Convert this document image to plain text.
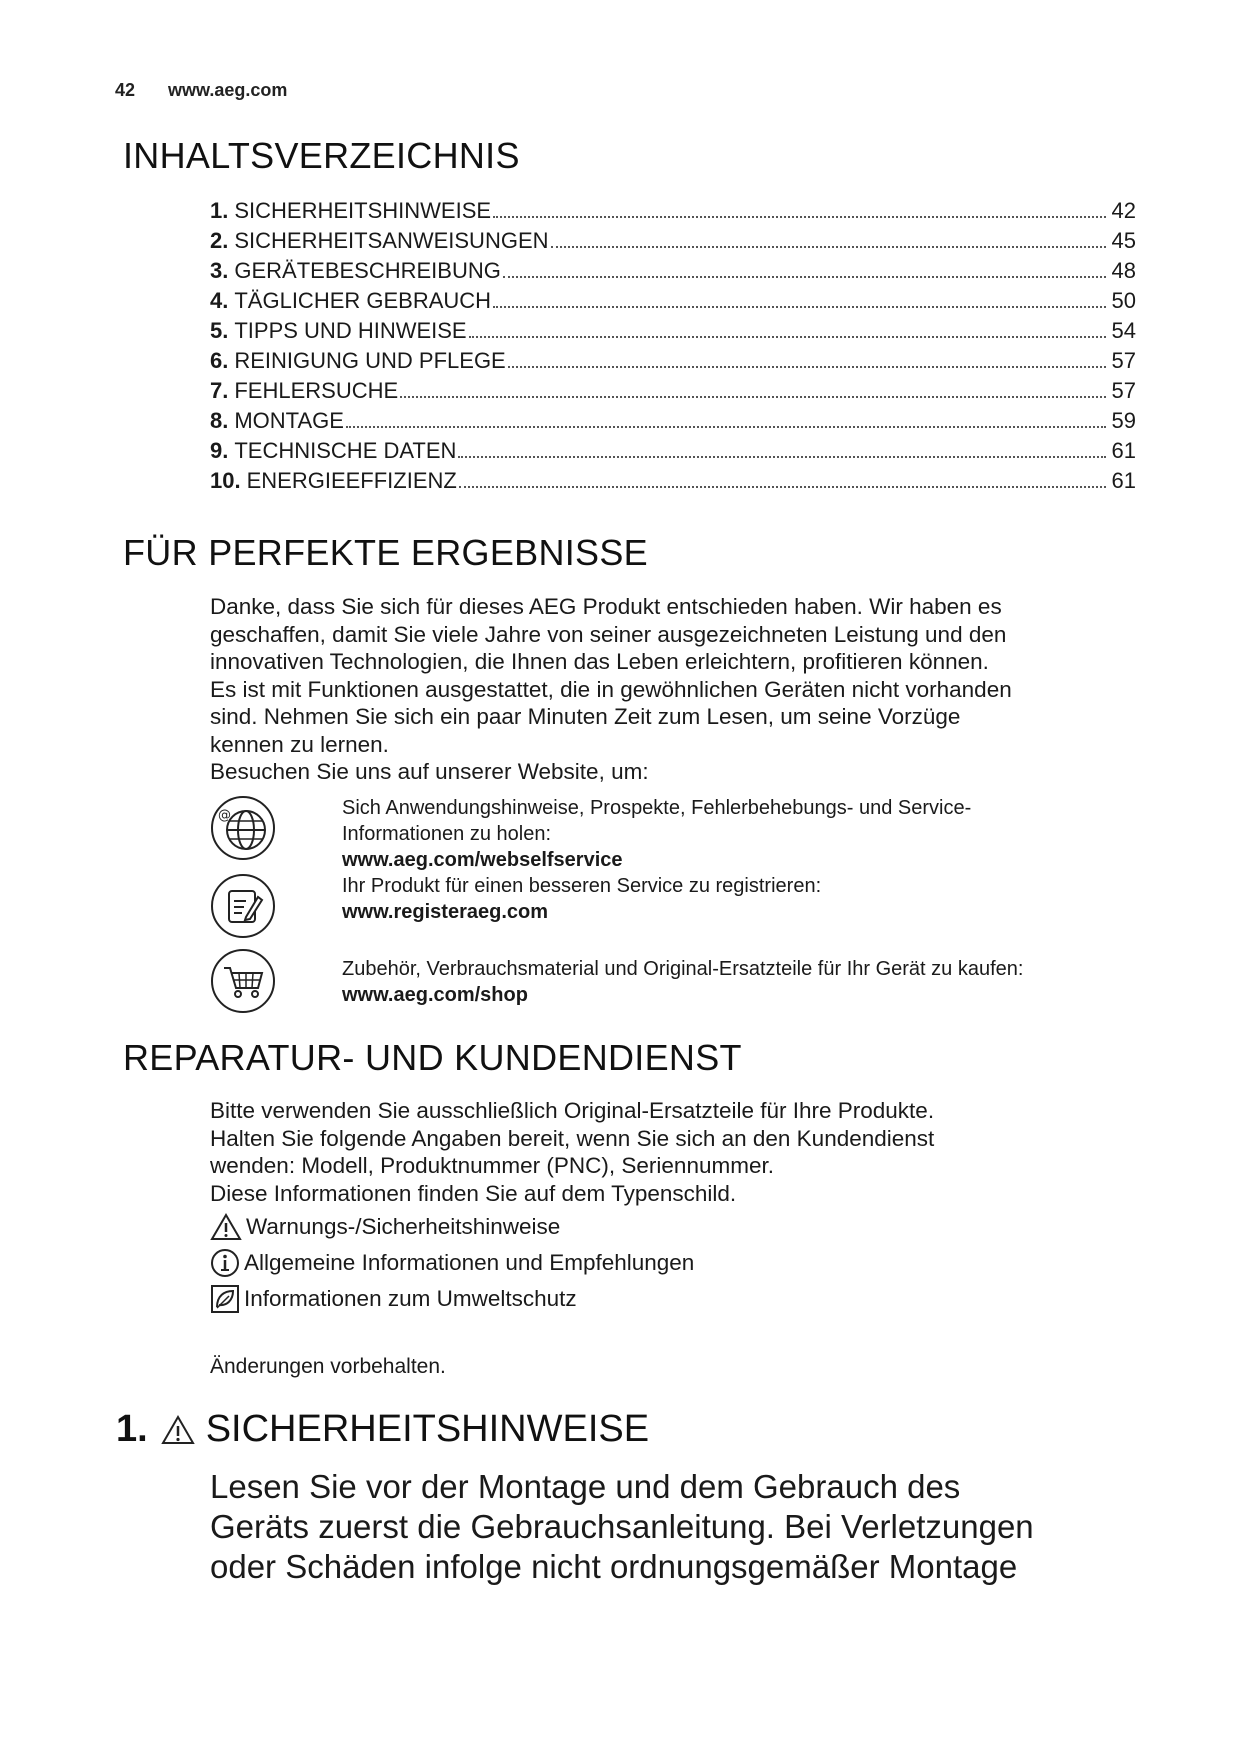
42 www.aeg.com
INHALTSVERZEICHNIS
1. SICHERHEITSHINWEISE	42
2. SICHERHEITSANWEISUNGEN	45
3. GERÄTEBESCHREIBUNG	48
4. TÄGLICHER GEBRAUCH	50
5. TIPPS UND HINWEISE	54
6. REINIGUNG UND PFLEGE	57
7. FEHLERSUCHE	57
8. MONTAGE	59
9. TECHNISCHE DATEN	61
10. ENERGIEEFFIZIENZ	61
FÜR PERFEKTE ERGEBNISSE

Danke, dass Sie sich für dieses AEG Produkt entschieden haben. Wir haben es

geschaffen, damit Sie viele Jahre von seiner ausgezeichneten Leistung und den

innovativen Technologien, die Ihnen das Leben erleichtern, profitieren können.

Es ist mit Funktionen ausgestattet, die in gewöhnlichen Geräten nicht vorhanden

sind. Nehmen Sie sich ein paar Minuten Zeit zum Lesen, um seine Vorzüge

kennen zu lernen.

Besuchen Sie uns auf unserer Website, um:

@	Sich Anwendungshinweise, Prospekte, Fehlerbehebungs- und Service-
Informationen zu holen:
www.aeg.com/webselfservice
Ihr Produkt für einen besseren Service zu registrieren:
www.registeraeg.com
Zubehör, Verbrauchsmaterial und Original-Ersatzteile für Ihr Gerät zu kaufen:
www.aeg.com/shop
REPARATUR- UND KUNDENDIENST

Bitte verwenden Sie ausschließlich Original-Ersatzteile für Ihre Produkte.

Halten Sie folgende Angaben bereit, wenn Sie sich an den Kundendienst

wenden: Modell, Produktnummer (PNC), Seriennummer.

Diese Informationen finden Sie auf dem Typenschild.

Warnungs-/Sicherheitshinweise
Allgemeine Informationen und Empfehlungen
Informationen zum Umweltschutz
Änderungen vorbehalten.
1. SICHERHEITSHINWEISE
Lesen Sie vor der Montage und dem Gebrauch des
Geräts zuerst die Gebrauchsanleitung. Bei Verletzungen
oder Schäden infolge nicht ordnungsgemäßer Montage
